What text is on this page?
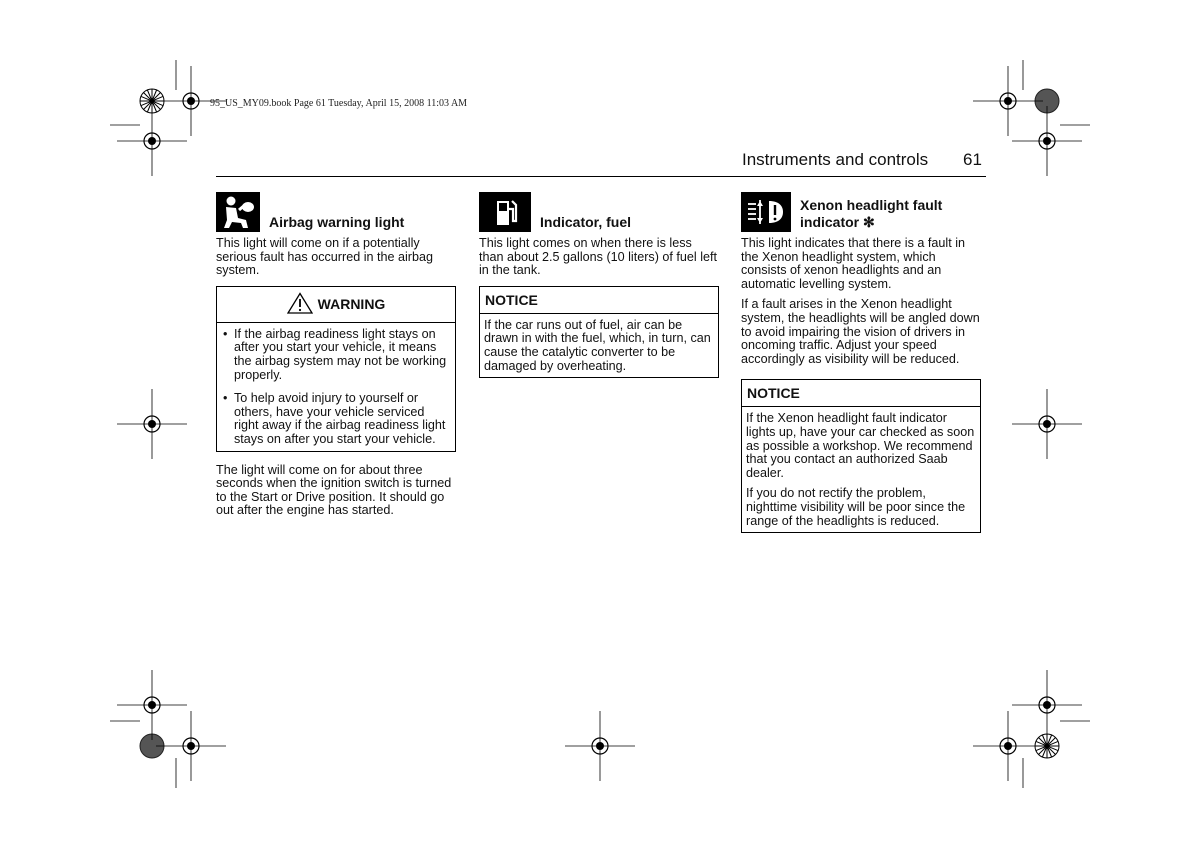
95_US_MY09.book Page 61 Tuesday, April 15, 2008 11:03 AM
Instruments and controls 61
Airbag warning light

This light will come on if a potentially serious fault has occurred in the airbag system.

WARNING
• If the airbag readiness light stays on after you start your vehicle, it means the airbag system may not be working properly.
• To help avoid injury to yourself or others, have your vehicle serviced right away if the airbag readiness light stays on after you start your vehicle.

The light will come on for about three seconds when the ignition switch is turned to the Start or Drive position. It should go out after the engine has started.

Indicator, fuel

This light comes on when there is less than about 2.5 gallons (10 liters) of fuel left in the tank.

NOTICE
If the car runs out of fuel, air can be drawn in with the fuel, which, in turn, can cause the catalytic converter to be damaged by overheating.
Xenon headlight fault
indicator ✻

This light indicates that there is a fault in the Xenon headlight system, which consists of xenon headlights and an automatic levelling system.

If a fault arises in the Xenon headlight system, the headlights will be angled down to avoid impairing the vision of drivers in oncoming traffic. Adjust your speed accordingly as visibility will be reduced.

NOTICE

If the Xenon headlight fault indicator lights up, have your car checked as soon as possible a workshop. We recommend that you contact an authorized Saab dealer.

If you do not rectify the problem, nighttime visibility will be poor since the range of the headlights is reduced.
